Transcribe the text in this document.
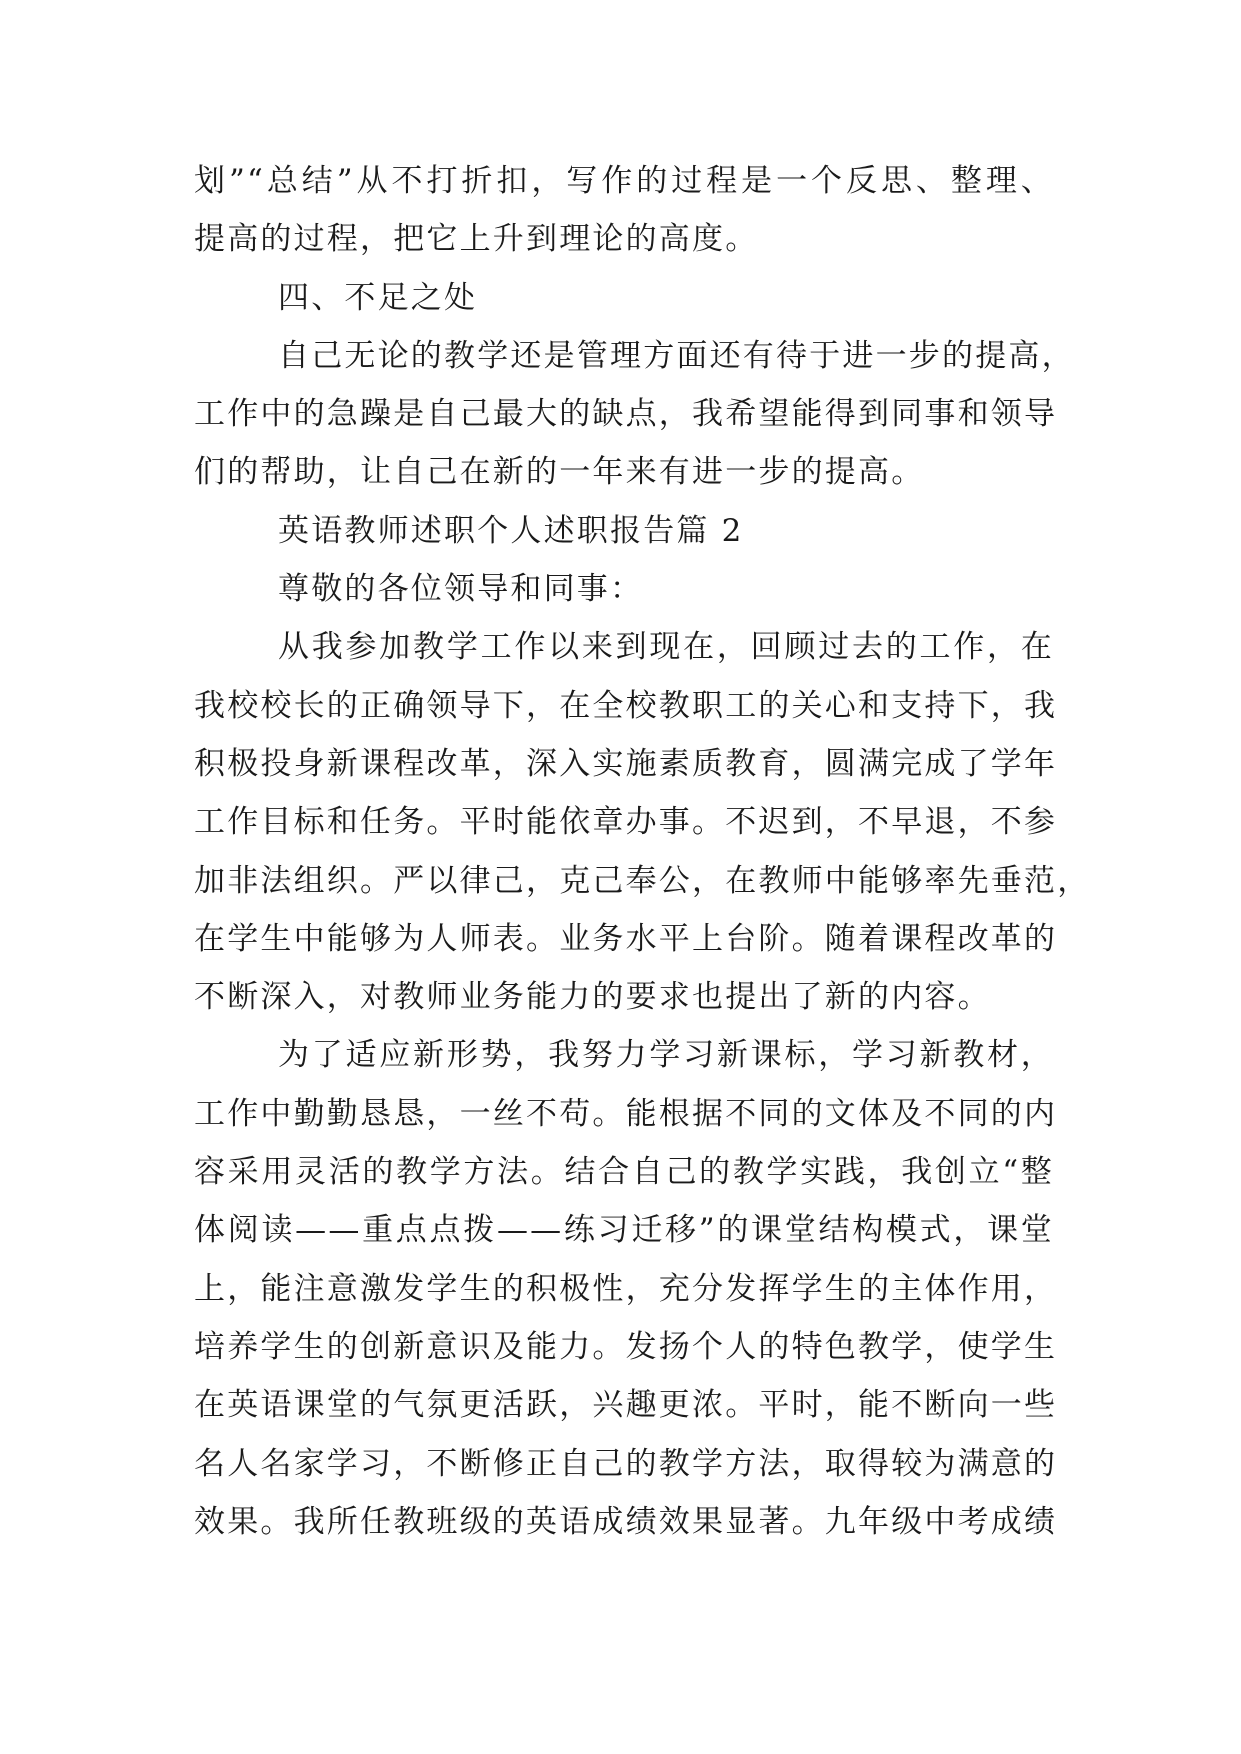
划”“总结”从不打折扣，写作的过程是一个反思、整理、
提高的过程，把它上升到理论的高度。
四、不足之处
自己无论的教学还是管理方面还有待于进一步的提高，
工作中的急躁是自己最大的缺点，我希望能得到同事和领导
们的帮助，让自己在新的一年来有进一步的提高。
英语教师述职个人述职报告篇 2
尊敬的各位领导和同事：
从我参加教学工作以来到现在，回顾过去的工作，在
我校校长的正确领导下，在全校教职工的关心和支持下，我
积极投身新课程改革，深入实施素质教育，圆满完成了学年
工作目标和任务。平时能依章办事。不迟到，不早退，不参
加非法组织。严以律己，克己奉公，在教师中能够率先垂范，
在学生中能够为人师表。业务水平上台阶。随着课程改革的
不断深入，对教师业务能力的要求也提出了新的内容。
为了适应新形势，我努力学习新课标，学习新教材，
工作中勤勤恳恳，一丝不苟。能根据不同的文体及不同的内
容采用灵活的教学方法。结合自己的教学实践，我创立“整
体阅读——重点点拨——练习迁移”的课堂结构模式，课堂
上，能注意激发学生的积极性，充分发挥学生的主体作用，
培养学生的创新意识及能力。发扬个人的特色教学，使学生
在英语课堂的气氛更活跃，兴趣更浓。平时，能不断向一些
名人名家学习，不断修正自己的教学方法，取得较为满意的
效果。我所任教班级的英语成绩效果显著。九年级中考成绩
